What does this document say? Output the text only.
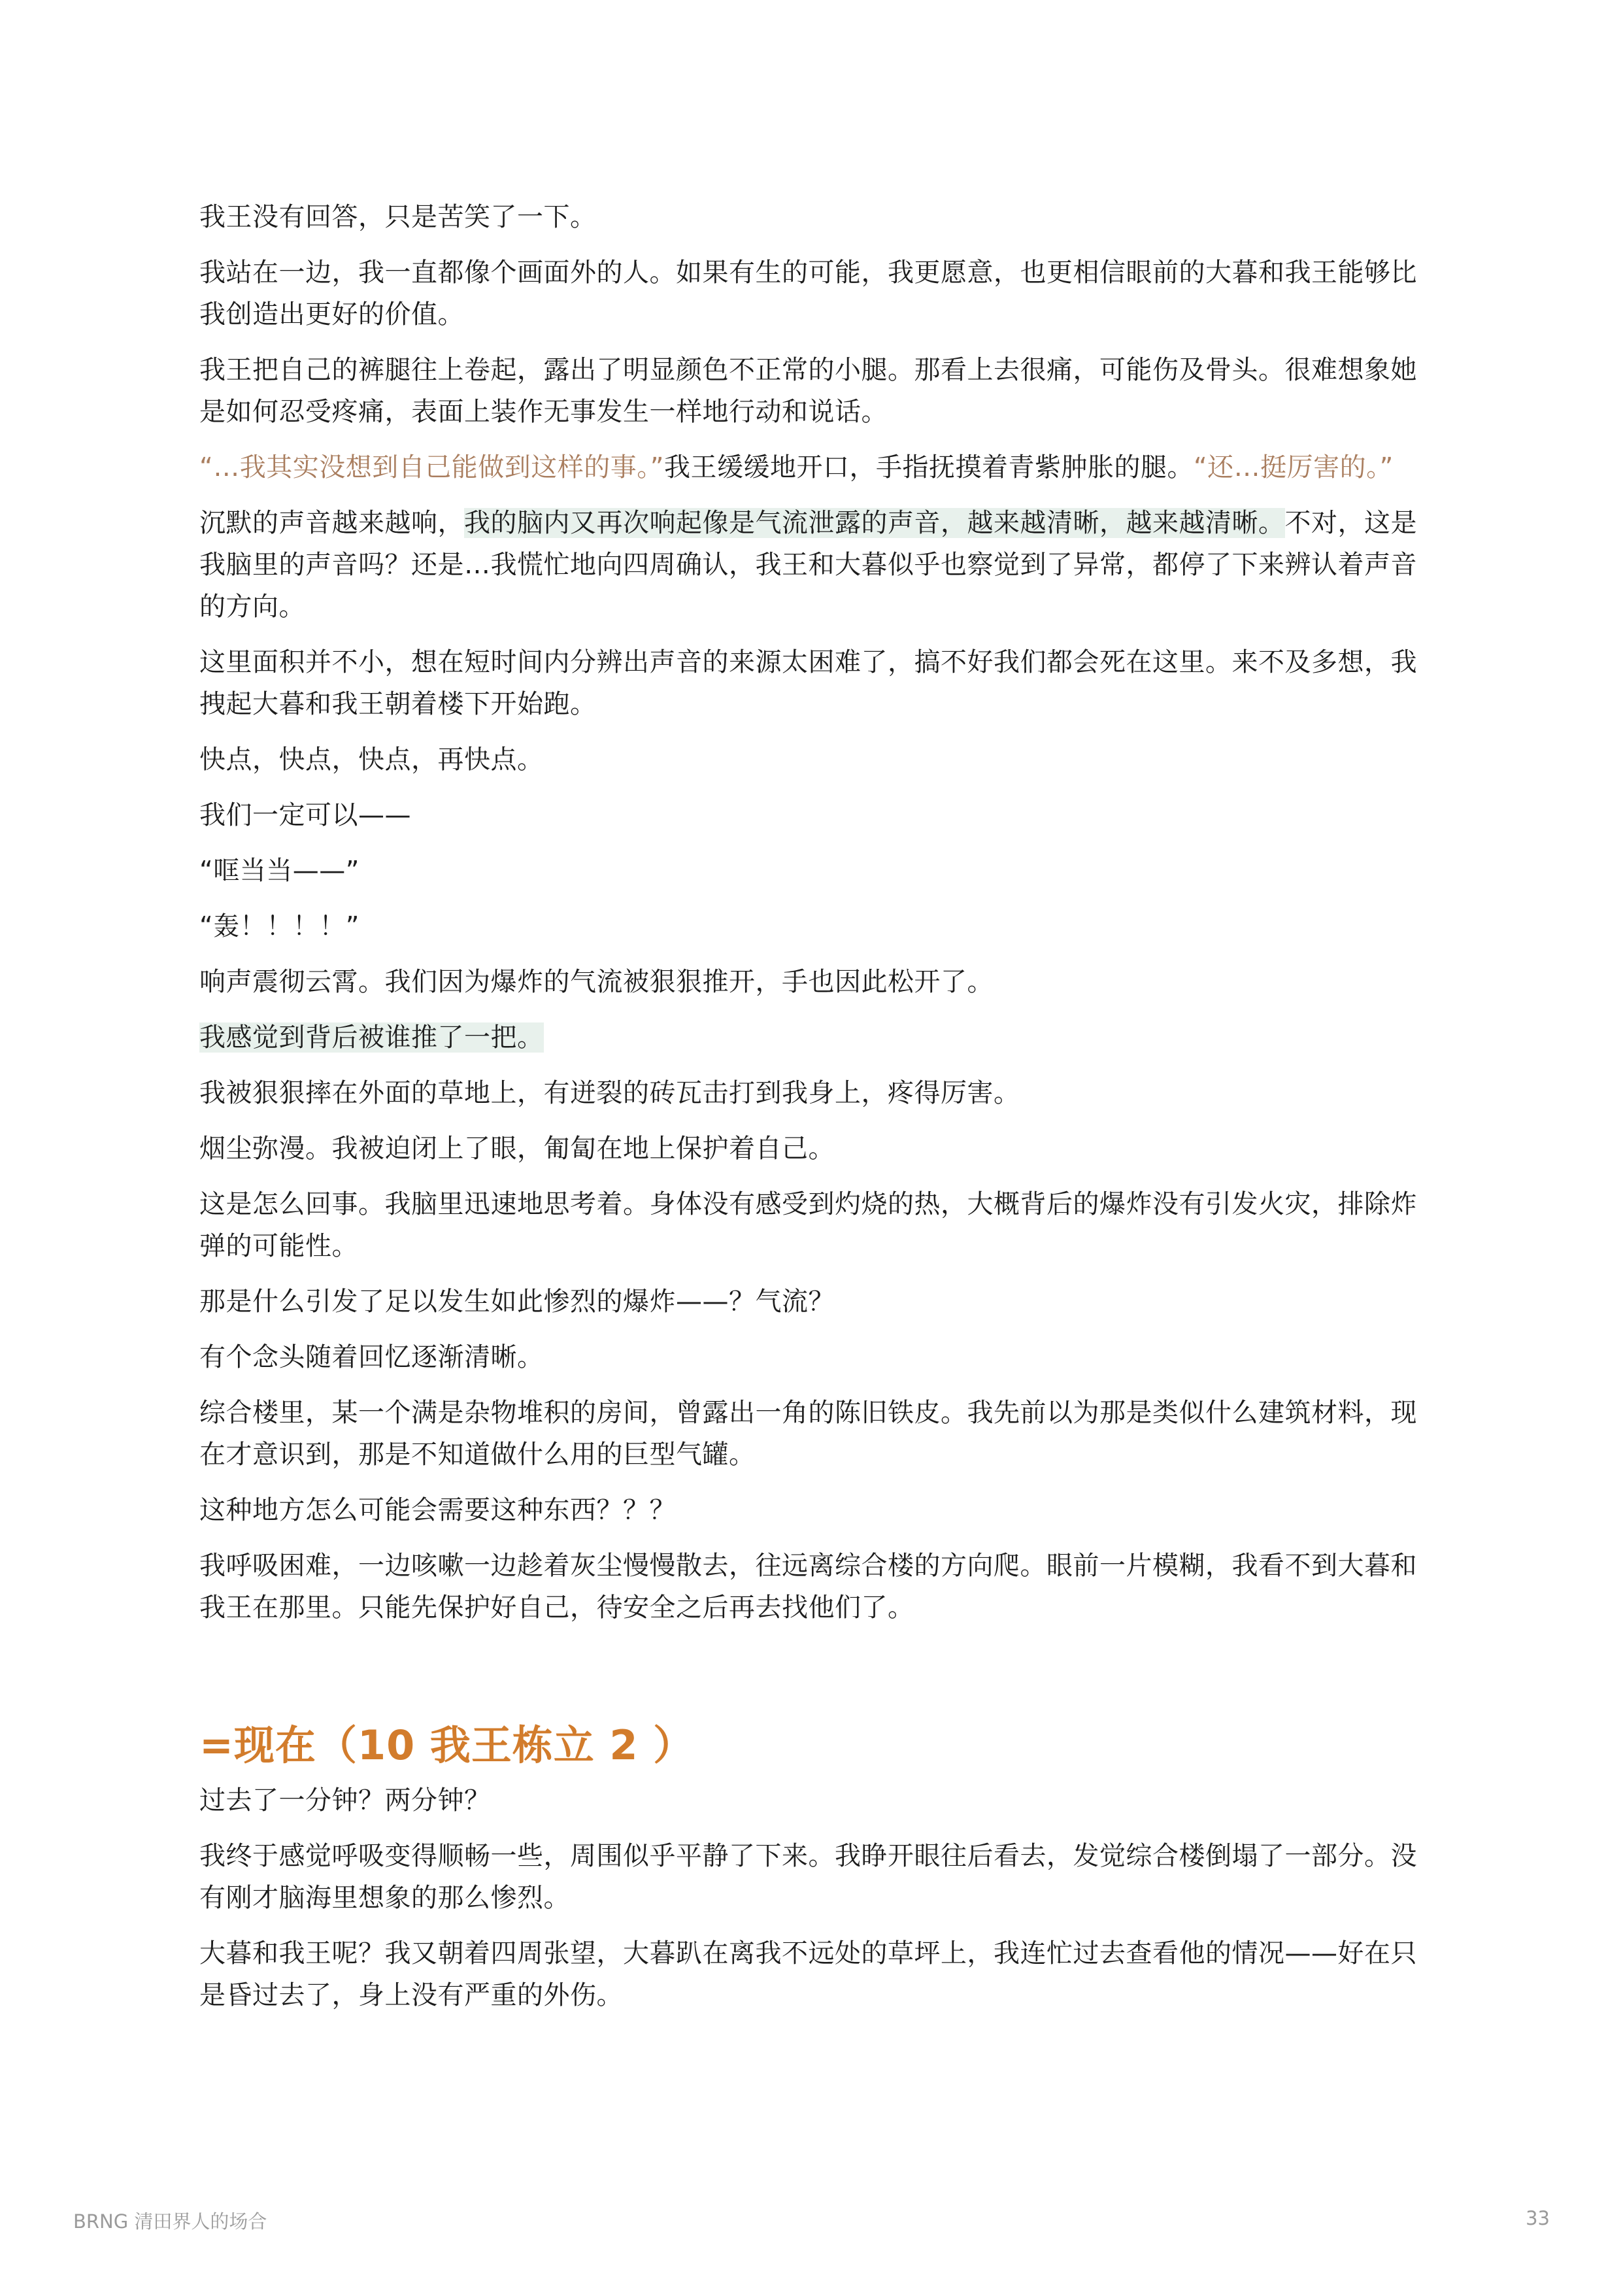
我王没有回答，只是苦笑了一下。

我站在一边，我一直都像个画面外的人。如果有生的可能，我更愿意，也更相信眼前的大暮和我王能够比我创造出更好的价值。

我王把自己的裤腿往上卷起，露出了明显颜色不正常的小腿。那看上去很痛，可能伤及骨头。很难想象她是如何忍受疼痛，表面上装作无事发生一样地行动和说话。

“…我其实没想到自己能做到这样的事。”我王缓缓地开口，手指抚摸着青紫肿胀的腿。“还…挺厉害的。”

沉默的声音越来越响，我的脑内又再次响起像是气流泄露的声音，越来越清晰，越来越清晰。不对，这是我脑里的声音吗？还是…我慌忙地向四周确认，我王和大暮似乎也察觉到了异常，都停了下来辨认着声音的方向。

这里面积并不小，想在短时间内分辨出声音的来源太困难了，搞不好我们都会死在这里。来不及多想，我拽起大暮和我王朝着楼下开始跑。

快点，快点，快点，再快点。

我们一定可以——

“哐当当——”

“轰！！！！”

响声震彻云霄。我们因为爆炸的气流被狠狠推开，手也因此松开了。

我感觉到背后被谁推了一把。

我被狠狠摔在外面的草地上，有迸裂的砖瓦击打到我身上，疼得厉害。

烟尘弥漫。我被迫闭上了眼，匍匐在地上保护着自己。

这是怎么回事。我脑里迅速地思考着。身体没有感受到灼烧的热，大概背后的爆炸没有引发火灾，排除炸弹的可能性。

那是什么引发了足以发生如此惨烈的爆炸——？气流？

有个念头随着回忆逐渐清晰。

综合楼里，某一个满是杂物堆积的房间，曾露出一角的陈旧铁皮。我先前以为那是类似什么建筑材料，现在才意识到，那是不知道做什么用的巨型气罐。

这种地方怎么可能会需要这种东西？？？

我呼吸困难，一边咳嗽一边趁着灰尘慢慢散去，往远离综合楼的方向爬。眼前一片模糊，我看不到大暮和我王在那里。只能先保护好自己，待安全之后再去找他们了。

=现在（10 我王栋立 2 ）

过去了一分钟？两分钟？

我终于感觉呼吸变得顺畅一些，周围似乎平静了下来。我睁开眼往后看去，发觉综合楼倒塌了一部分。没有刚才脑海里想象的那么惨烈。

大暮和我王呢？我又朝着四周张望，大暮趴在离我不远处的草坪上，我连忙过去查看他的情况——好在只是昏过去了，身上没有严重的外伤。

BRNG 清田界人的场合	33
